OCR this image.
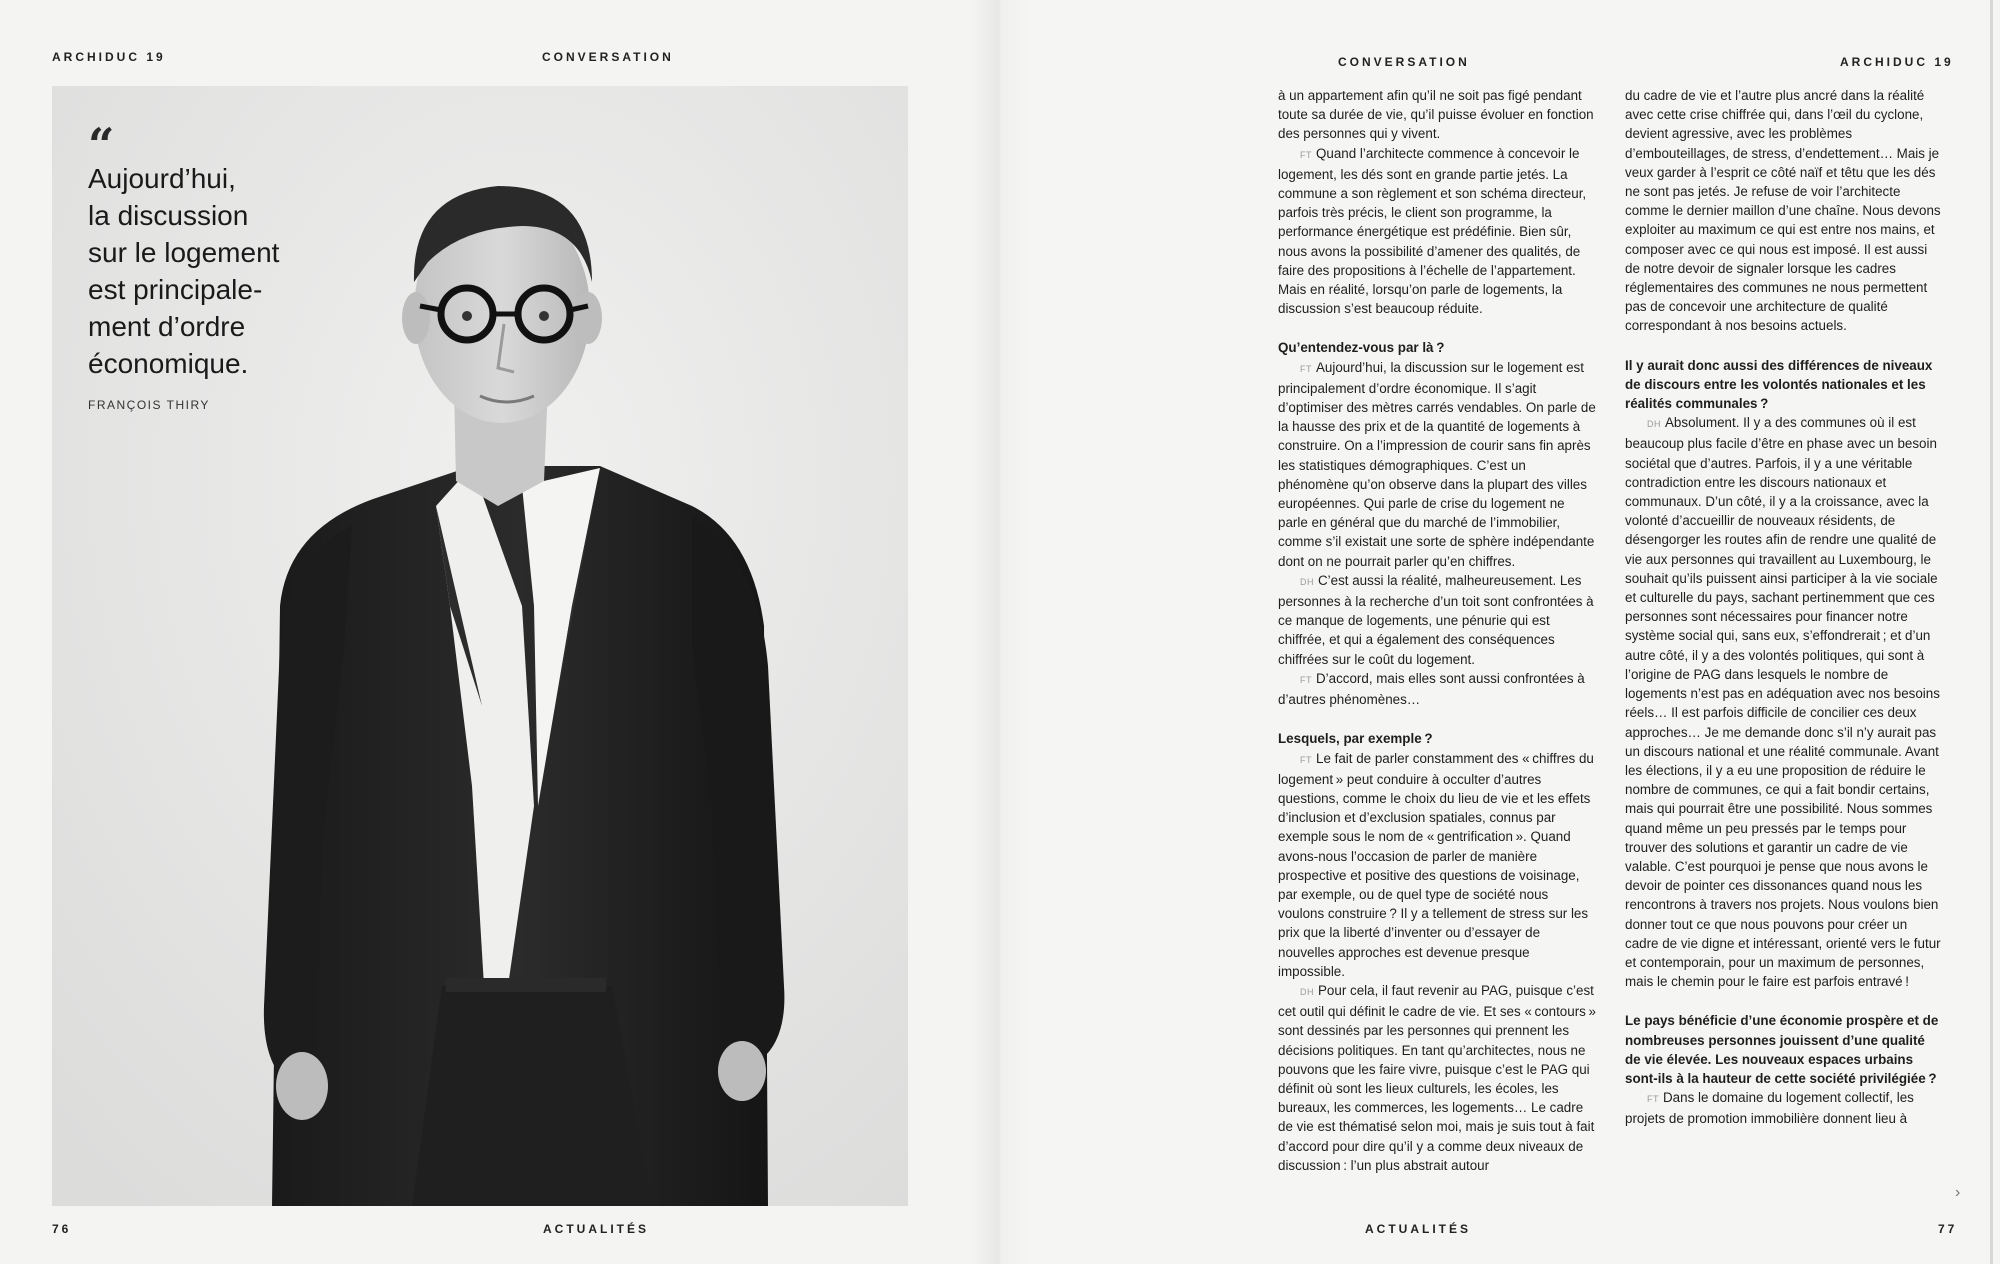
ARCHIDUC 19	CONVERSATION
“
Aujourd’hui,
la discussion
sur le logement
est principale-
ment d’ordre
économique.
FRANÇOIS THIRY
76	ACTUALITÉS
CONVERSATION	ARCHIDUC 19
ACTUALITÉS	77

à un appartement afin qu’il ne soit pas figé pendant toute sa durée de vie, qu’il puisse évoluer en fonction des personnes qui y vivent.

FT Quand l’architecte commence à concevoir le logement, les dés sont en grande partie jetés. La commune a son règlement et son schéma directeur, parfois très précis, le client son programme, la performance énergétique est prédéfinie. Bien sûr, nous avons la possibilité d’amener des qualités, de faire des propositions à l’échelle de l’appartement. Mais en réalité, lorsqu’on parle de logements, la discussion s’est beaucoup réduite.

Qu’entendez-vous par là ?

FT Aujourd’hui, la discussion sur le logement est principalement d’ordre économique. Il s’agit d’optimiser des mètres carrés vendables. On parle de la hausse des prix et de la quantité de logements à construire. On a l’impression de courir sans fin après les statistiques démographiques. C’est un phénomène qu’on observe dans la plupart des villes européennes. Qui parle de crise du logement ne parle en général que du marché de l’immobilier, comme s’il existait une sorte de sphère indépendante dont on ne pourrait parler qu’en chiffres.

DH C’est aussi la réalité, malheureusement. Les personnes à la recherche d’un toit sont confrontées à ce manque de logements, une pénurie qui est chiffrée, et qui a également des conséquences chiffrées sur le coût du logement.

FT D’accord, mais elles sont aussi confrontées à d’autres phénomènes…

Lesquels, par exemple ?

FT Le fait de parler constamment des « chiffres du logement » peut conduire à occulter d’autres questions, comme le choix du lieu de vie et les effets d’inclusion et d’exclusion spatiales, connus par exemple sous le nom de « gentrification ». Quand avons-nous l’occasion de parler de manière prospective et positive des questions de voisinage, par exemple, ou de quel type de société nous voulons construire ? Il y a tellement de stress sur les prix que la liberté d’inventer ou d’essayer de nouvelles approches est devenue presque impossible.

DH Pour cela, il faut revenir au PAG, puisque c’est cet outil qui définit le cadre de vie. Et ses « contours » sont dessinés par les personnes qui prennent les décisions politiques. En tant qu’architectes, nous ne pouvons que les faire vivre, puisque c’est le PAG qui définit où sont les lieux culturels, les écoles, les bureaux, les commerces, les logements… Le cadre de vie est thématisé selon moi, mais je suis tout à fait d’accord pour dire qu’il y a comme deux niveaux de discussion : l’un plus abstrait autour

du cadre de vie et l’autre plus ancré dans la réalité avec cette crise chiffrée qui, dans l’œil du cyclone, devient agressive, avec les problèmes d’embouteillages, de stress, d’endettement… Mais je veux garder à l’esprit ce côté naïf et têtu que les dés ne sont pas jetés. Je refuse de voir l’architecte comme le dernier maillon d’une chaîne. Nous devons exploiter au maximum ce qui est entre nos mains, et composer avec ce qui nous est imposé. Il est aussi de notre devoir de signaler lorsque les cadres réglementaires des communes ne nous permettent pas de concevoir une architecture de qualité correspondant à nos besoins actuels.

Il y aurait donc aussi des différences de niveaux de discours entre les volontés nationales et les réalités communales ?

DH Absolument. Il y a des communes où il est beaucoup plus facile d’être en phase avec un besoin sociétal que d’autres. Parfois, il y a une véritable contradiction entre les discours nationaux et communaux. D’un côté, il y a la croissance, avec la volonté d’accueillir de nouveaux résidents, de désengorger les routes afin de rendre une qualité de vie aux personnes qui travaillent au Luxembourg, le souhait qu’ils puissent ainsi participer à la vie sociale et culturelle du pays, sachant pertinemment que ces personnes sont nécessaires pour financer notre système social qui, sans eux, s’effondrerait ; et d’un autre côté, il y a des volontés politiques, qui sont à l’origine de PAG dans lesquels le nombre de logements n’est pas en adéquation avec nos besoins réels… Il est parfois difficile de concilier ces deux approches… Je me demande donc s’il n’y aurait pas un discours national et une réalité communale. Avant les élections, il y a eu une proposition de réduire le nombre de communes, ce qui a fait bondir certains, mais qui pourrait être une possibilité. Nous sommes quand même un peu pressés par le temps pour trouver des solutions et garantir un cadre de vie valable. C’est pourquoi je pense que nous avons le devoir de pointer ces dissonances quand nous les rencontrons à travers nos projets. Nous voulons bien donner tout ce que nous pouvons pour créer un cadre de vie digne et intéressant, orienté vers le futur et contemporain, pour un maximum de personnes, mais le chemin pour le faire est parfois entravé !

Le pays bénéficie d’une économie prospère et de nombreuses personnes jouissent d’une qualité de vie élevée. Les nouveaux espaces urbains sont-ils à la hauteur de cette société privilégiée ?

FT Dans le domaine du logement collectif, les projets de promotion immobilière donnent lieu à

›
